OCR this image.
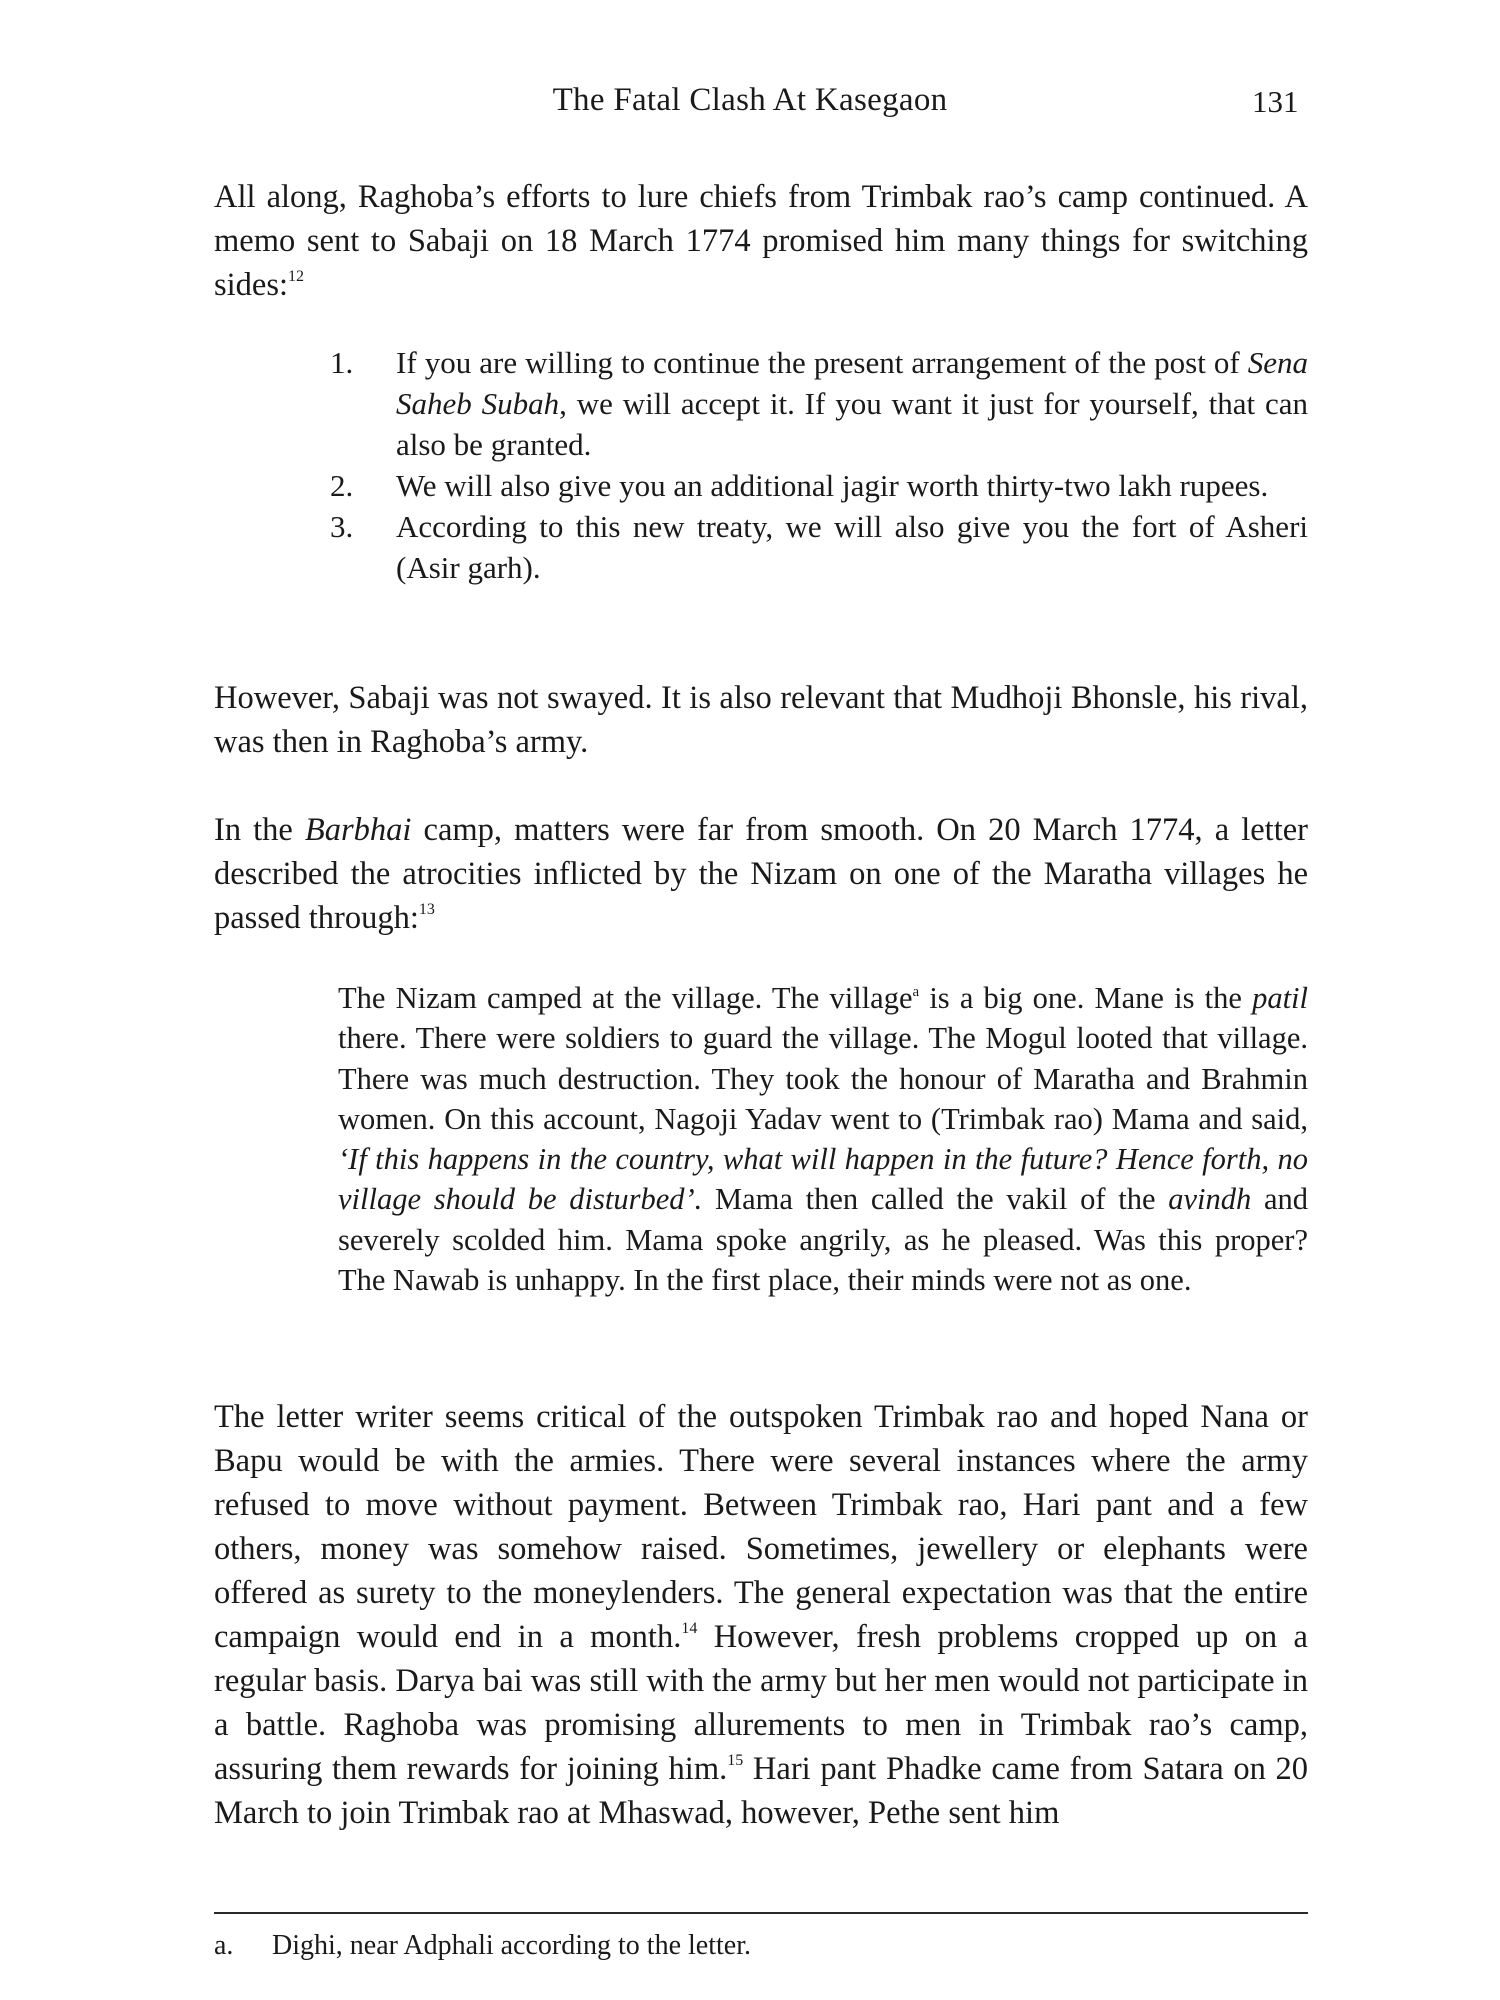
The Fatal Clash At Kasegaon	131

All along, Raghoba’s efforts to lure chiefs from Trimbak rao’s camp continued. A memo sent to Sabaji on 18 March 1774 promised him many things for switching sides:$^{12}$

1. If you are willing to continue the present arrangement of the post of Sena Saheb Subah, we will accept it. If you want it just for yourself, that can also be granted.
2. We will also give you an additional jagir worth thirty-two lakh rupees.
3. According to this new treaty, we will also give you the fort of Asheri (Asir garh).

However, Sabaji was not swayed. It is also relevant that Mudhoji Bhonsle, his rival, was then in Raghoba’s army.

In the Barbhai camp, matters were far from smooth. On 20 March 1774, a letter described the atrocities inflicted by the Nizam on one of the Maratha villages he passed through:$^{13}$

The Nizam camped at the village. The village$^a$ is a big one. Mane is the patil there. There were soldiers to guard the village. The Mogul looted that village. There was much destruction. They took the honour of Maratha and Brahmin women. On this account, Nagoji Yadav went to (Trimbak rao) Mama and said, ‘If this happens in the country, what will happen in the future? Hence forth, no village should be disturbed’. Mama then called the vakil of the avindh and severely scolded him. Mama spoke angrily, as he pleased. Was this proper? The Nawab is unhappy. In the first place, their minds were not as one.

The letter writer seems critical of the outspoken Trimbak rao and hoped Nana or Bapu would be with the armies. There were several instances where the army refused to move without payment. Between Trimbak rao, Hari pant and a few others, money was somehow raised. Sometimes, jewellery or elephants were offered as surety to the moneylenders. The general expectation was that the entire campaign would end in a month.$^{14}$ However, fresh problems cropped up on a regular basis. Darya bai was still with the army but her men would not participate in a battle. Raghoba was promising allurements to men in Trimbak rao’s camp, assuring them rewards for joining him.$^{15}$ Hari pant Phadke came from Satara on 20 March to join Trimbak rao at Mhaswad, however, Pethe sent him

a. Dighi, near Adphali according to the letter.
